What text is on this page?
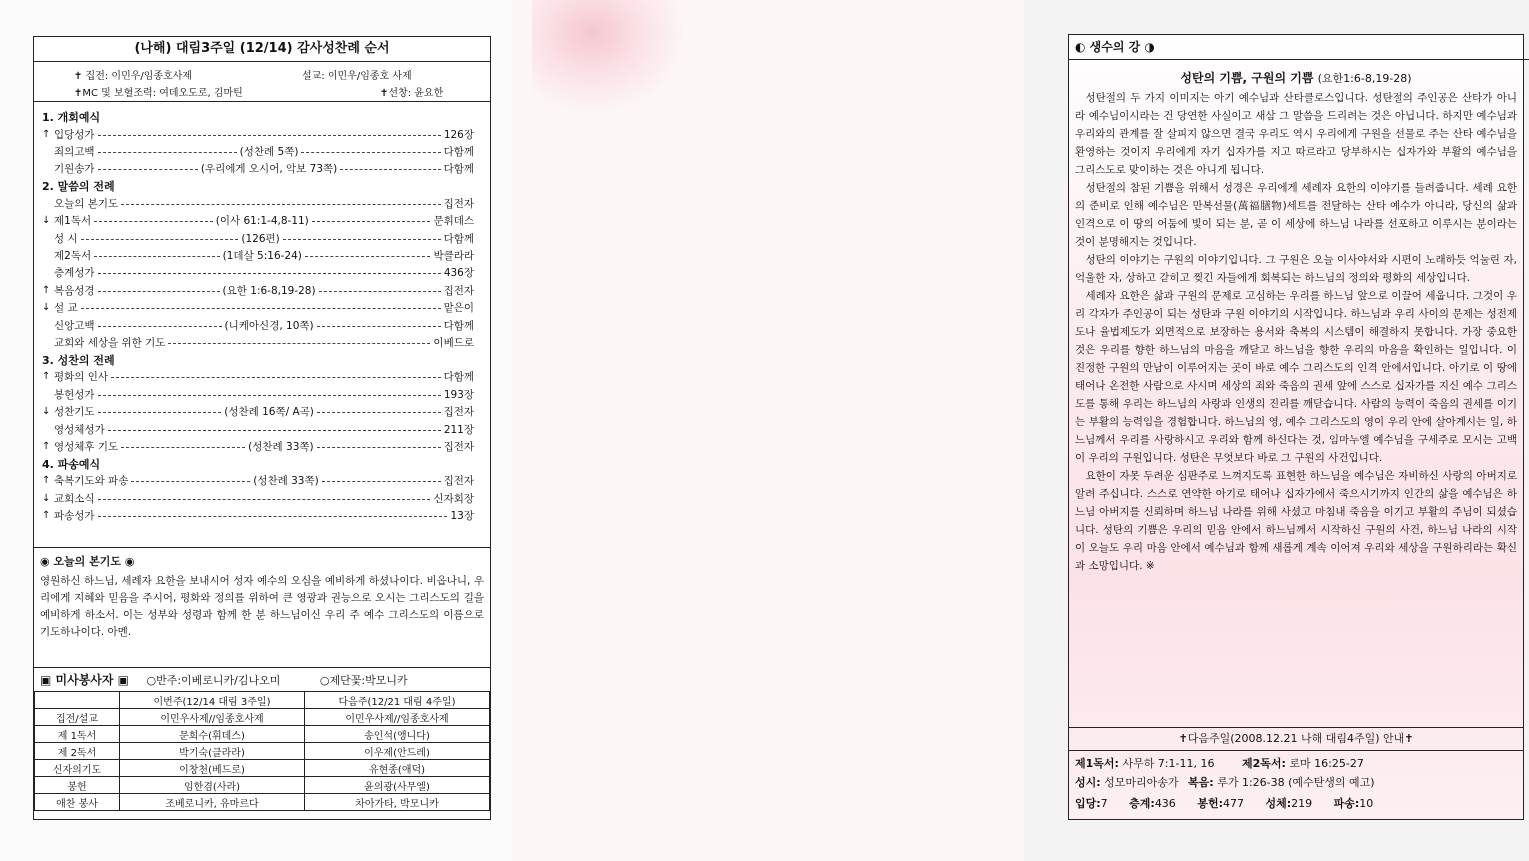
(나해) 대림3주일 (12/14) 감사성찬례 순서
✝ 집전: 이민우/임종호사제	설교: 이민우/임종호 사제
✝MC 및 보혈조력: 여데오도로, 김마틴	✝선창: 윤요한
1. 개회예식
↑ 입당성가	126장
죄의고백	(성찬례 5쪽)	다함께
기원송가	(우리에게 오시어, 악보 73쪽)	다함께
2. 말씀의 전례
오늘의 본기도	집전자
↓ 제1독서	(이사 61:1-4,8-11)	문휘데스
성 시	(126편)	다함께
제2독서	(1데살 5:16-24)	박클라라
층계성가	436장
↑ 복음성경	(요한 1:6-8,19-28)	집전자
↓ 설 교	맡은이
신앙고백	(니케아신경, 10쪽)	다함께
교회와 세상을 위한 기도	이베드로
3. 성찬의 전례
↑ 평화의 인사	다함께
봉헌성가	193장
↓ 성찬기도	(성찬례 16쪽/ A곡)	집전자
영성체성가	211장
↑ 영성체후 기도	(성찬례 33쪽)	집전자
4. 파송예식
↑ 축복기도와 파송	(성찬례 33쪽)	집전자
↓ 교회소식	신자회장
↑ 파송성가	13장
◉ 오늘의 본기도 ◉
영원하신 하느님, 세례자 요한을 보내시어 성자 예수의 오심을 예비하게 하셨나이다. 비옵나니, 우리에게 지혜와 믿음을 주시어, 평화와 정의를 위하여 큰 영광과 권능으로 오시는 그리스도의 길을 예비하게 하소서. 이는 성부와 성령과 함께 한 분 하느님이신 우리 주 예수 그리스도의 이름으로 기도하나이다. 아멘.
▣ 미사봉사자 ▣ ○반주:이베로니카/김나오미	○제단꽃:박모니카
	이번주(12/14 대림 3주일)	다음주(12/21 대림 4주일)
집전/설교	이민우사제//임종호사제	이민우사제//임종호사제
제 1독서	문희수(휘데스)	송인석(앵니다)
제 2독서	박기숙(클라라)	이우제(안드레)
신자의기도	이창천(베드로)	유현종(애덕)
봉헌	임한겸(사라)	윤의광(사무엘)
애찬 봉사	조베로니카, 유마르다	차아가타, 박모니카
◐ 생수의 강 ◑
성탄의 기쁨, 구원의 기쁨 (요한1:6-8,19-28)

성탄절의 두 가지 이미지는 아기 예수님과 산타클로스입니다. 성탄절의 주인공은 산타가 아니라 예수님이시라는 건 당연한 사실이고 새삼 그 말씀을 드리려는 것은 아닙니다. 하지만 예수님과 우리와의 관계를 잘 살피지 않으면 결국 우리도 역시 우리에게 구원을 선물로 주는 산타 예수님을 환영하는 것이지 우리에게 자기 십자가를 지고 따르라고 당부하시는 십자가와 부활의 예수님을 그리스도로 맞이하는 것은 아니게 됩니다.

성탄절의 참된 기쁨을 위해서 성경은 우리에게 세례자 요한의 이야기를 들려줍니다. 세례 요한의 준비로 인해 예수님은 만복선물(萬福膳物)세트를 전달하는 산타 예수가 아니라, 당신의 삶과 인격으로 이 땅의 어둠에 빛이 되는 분, 곧 이 세상에 하느님 나라를 선포하고 이루시는 분이라는 것이 분명해지는 것입니다.

성탄의 이야기는 구원의 이야기입니다. 그 구원은 오늘 이사야서와 시편이 노래하듯 억눌린 자, 억울한 자, 상하고 갇히고 찢긴 자들에게 회복되는 하느님의 정의와 평화의 세상입니다.

세례자 요한은 삶과 구원의 문제로 고심하는 우리를 하느님 앞으로 이끌어 세웁니다. 그것이 우리 각자가 주인공이 되는 성탄과 구원 이야기의 시작입니다. 하느님과 우리 사이의 문제는 성전제도나 율법제도가 외면적으로 보장하는 용서와 축복의 시스템이 해결하지 못합니다. 가장 중요한 것은 우리를 향한 하느님의 마음을 깨닫고 하느님을 향한 우리의 마음을 확인하는 일입니다. 이 진정한 구원의 만남이 이루어지는 곳이 바로 예수 그리스도의 인격 안에서입니다. 아기로 이 땅에 태어나 온전한 사람으로 사시며 세상의 죄와 죽음의 권세 앞에 스스로 십자가를 지신 예수 그리스도를 통해 우리는 하느님의 사랑과 인생의 진리를 깨닫습니다. 사람의 능력이 죽음의 권세를 이기는 부활의 능력임을 경험합니다. 하느님의 영, 예수 그리스도의 영이 우리 안에 살아계시는 일, 하느님께서 우리를 사랑하시고 우리와 함께 하신다는 것, 임마누엘 예수님을 구세주로 모시는 고백이 우리의 구원입니다. 성탄은 무엇보다 바로 그 구원의 사건입니다.

요한이 자못 두려운 심판주로 느껴지도록 표현한 하느님을 예수님은 자비하신 사랑의 아버지로 알려 주십니다. 스스로 연약한 아기로 태어나 십자가에서 죽으시기까지 인간의 삶을 예수님은 하느님 아버지를 신뢰하며 하느님 나라를 위해 사셨고 마침내 죽음을 이기고 부활의 주님이 되셨습니다. 성탄의 기쁨은 우리의 믿음 안에서 하느님께서 시작하신 구원의 사건, 하느님 나라의 시작이 오늘도 우리 마음 안에서 예수님과 함께 새롭게 계속 이어져 우리와 세상을 구원하리라는 확신과 소망입니다. ※

✝다음주일(2008.12.21 나해 대림4주일) 안내✝
제1독서: 사무하 7:1-11, 16	제2독서: 로마 16:25-27
성시: 성모마리아송가 복음: 루가 1:26-38 (예수탄생의 예고)
입당:7 층계:436 봉헌:477 성체:219 파송:10
